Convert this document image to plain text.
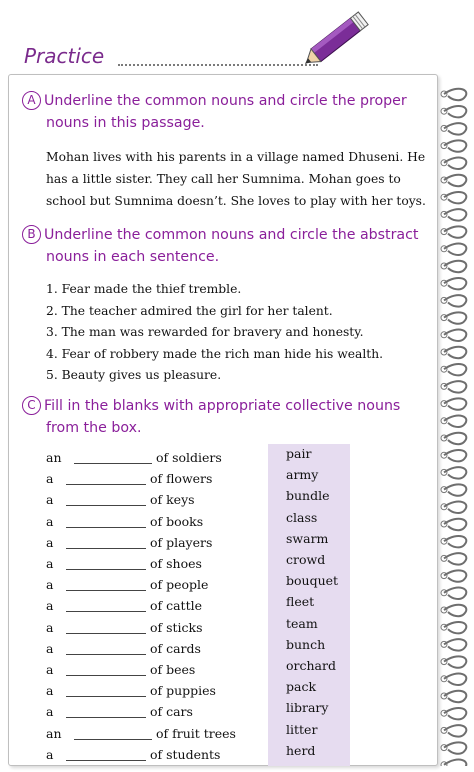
Practice
A Underline the common nouns and circle the proper
nouns in this passage.
Mohan lives with his parents in a village named Dhuseni. He
has a little sister. They call her Sumnima. Mohan goes to
school but Sumnima doesn’t. She loves to play with her toys.
B Underline the common nouns and circle the abstract
nouns in each sentence.
1. Fear made the thief tremble.
2. The teacher admired the girl for her talent.
3. The man was rewarded for bravery and honesty.
4. Fear of robbery made the rich man hide his wealth.
5. Beauty gives us pleasure.
C Fill in the blanks with appropriate collective nouns
from the box.
an	of soldiers
a	of flowers
a	of keys
a	of books
a	of players
a	of shoes
a	of people
a	of cattle
a	of sticks
a	of cards
a	of bees
a	of puppies
a	of cars
an	of fruit trees
a	of students
pair
army
bundle
class
swarm
crowd
bouquet
fleet
team
bunch
orchard
pack
library
litter
herd
